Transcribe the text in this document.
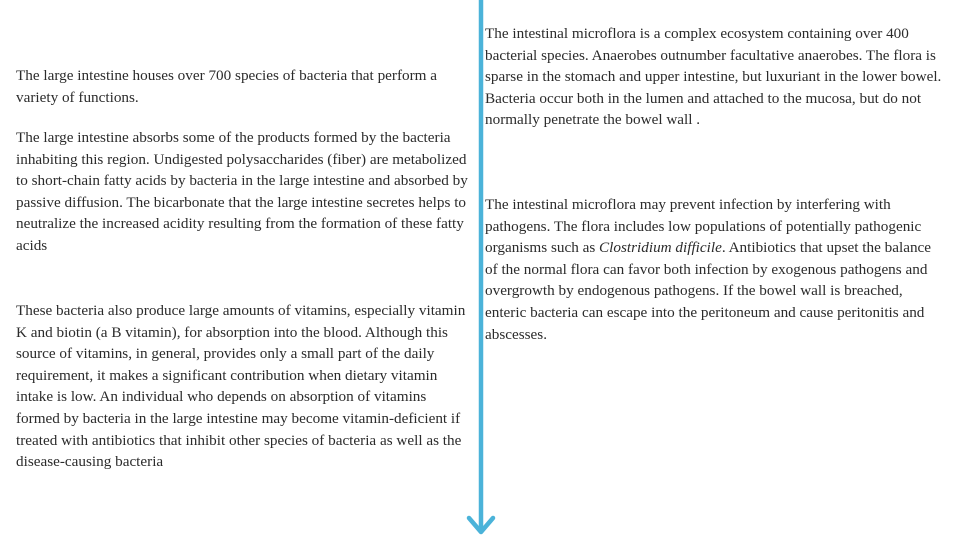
The large intestine houses over 700 species of bacteria that perform a variety of functions.

The large intestine absorbs some of the products formed by the bacteria inhabiting this region. Undigested polysaccharides (fiber) are metabolized to short-chain fatty acids by bacteria in the large intestine and absorbed by passive diffusion. The bicarbonate that the large intestine secretes helps to neutralize the increased acidity resulting from the formation of these fatty acids

These bacteria also produce large amounts of vitamins, especially vitamin K and biotin (a B vitamin), for absorption into the blood. Although this source of vitamins, in general, provides only a small part of the daily requirement, it makes a significant contribution when dietary vitamin intake is low. An individual who depends on absorption of vitamins formed by bacteria in the large intestine may become vitamin-deficient if treated with antibiotics that inhibit other species of bacteria as well as the disease-causing bacteria

The intestinal microflora is a complex ecosystem containing over 400 bacterial species. Anaerobes outnumber facultative anaerobes. The flora is sparse in the stomach and upper intestine, but luxuriant in the lower bowel. Bacteria occur both in the lumen and attached to the mucosa, but do not normally penetrate the bowel wall .

The intestinal microflora may prevent infection by interfering with pathogens. The flora includes low populations of potentially pathogenic organisms such as Clostridium difficile. Antibiotics that upset the balance of the normal flora can favor both infection by exogenous pathogens and overgrowth by endogenous pathogens. If the bowel wall is breached, enteric bacteria can escape into the peritoneum and cause peritonitis and abscesses.
